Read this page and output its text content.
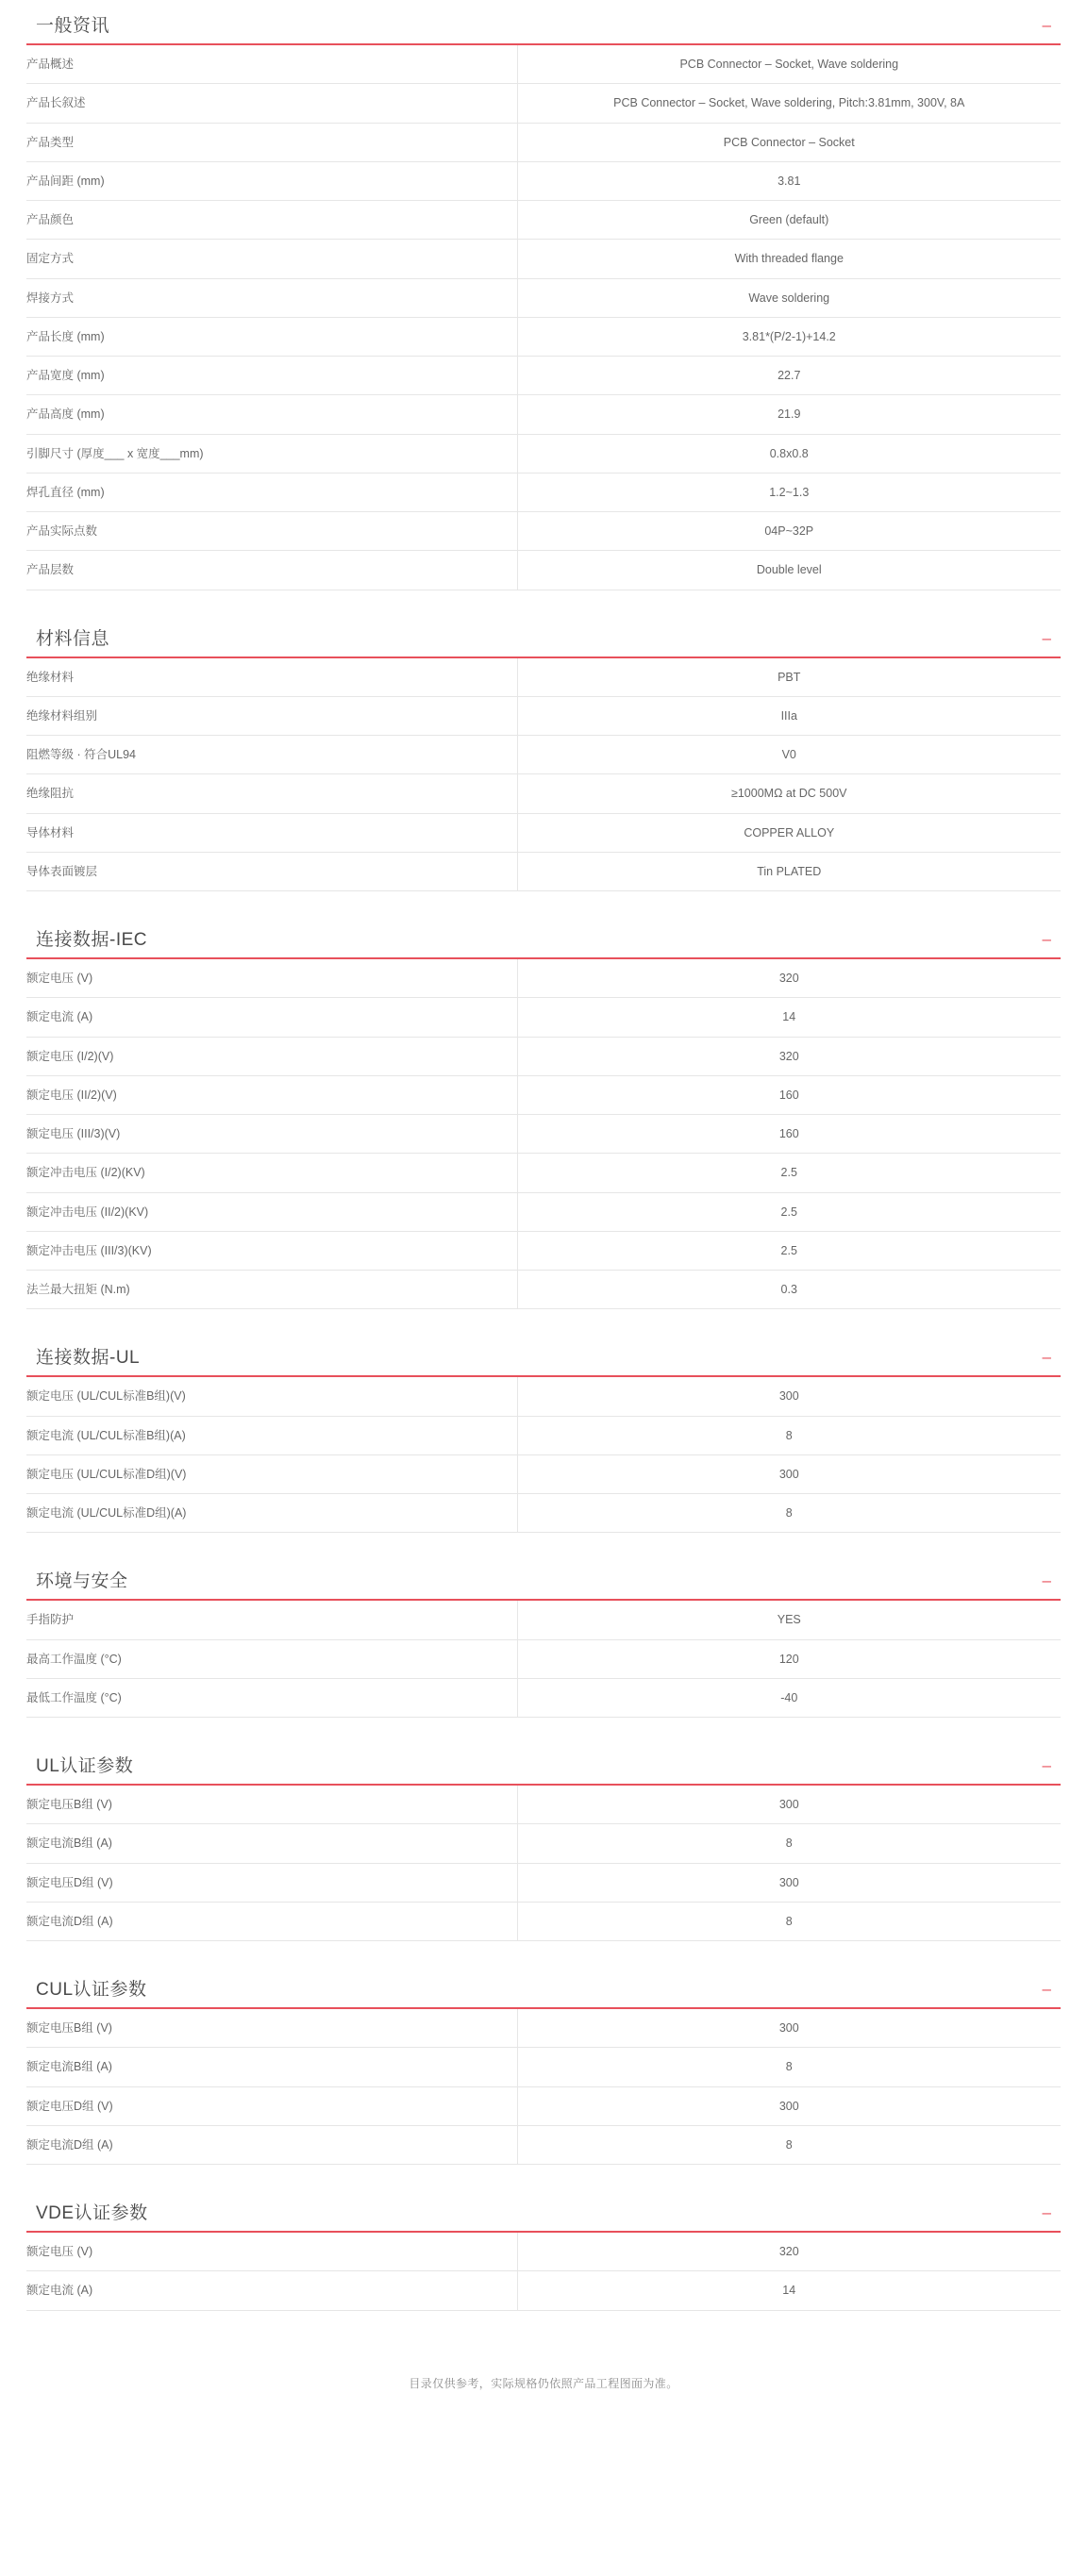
一般资讯	–
产品概述	PCB Connector – Socket, Wave soldering
产品长叙述	PCB Connector – Socket, Wave soldering, Pitch:3.81mm, 300V, 8A
产品类型	PCB Connector – Socket
产品间距 (mm)	3.81
产品颜色	Green (default)
固定方式	With threaded flange
焊接方式	Wave soldering
产品长度 (mm)	3.81*(P/2-1)+14.2
产品宽度 (mm)	22.7
产品高度 (mm)	21.9
引脚尺寸 (厚度___ x 宽度___mm)	0.8x0.8
焊孔直径 (mm)	1.2~1.3
产品实际点数	04P~32P
产品层数	Double level
材料信息	–
绝缘材料	PBT
绝缘材料组别	IIIa
阻燃等级 · 符合UL94	V0
绝缘阻抗	≥1000MΩ at DC 500V
导体材料	COPPER ALLOY
导体表面镀层	Tin PLATED
连接数据-IEC	–
额定电压 (V)	320
额定电流 (A)	14
额定电压 (I/2)(V)	320
额定电压 (II/2)(V)	160
额定电压 (III/3)(V)	160
额定冲击电压 (I/2)(KV)	2.5
额定冲击电压 (II/2)(KV)	2.5
额定冲击电压 (III/3)(KV)	2.5
法兰最大扭矩 (N.m)	0.3
连接数据-UL	–
额定电压 (UL/CUL标准B组)(V)	300
额定电流 (UL/CUL标准B组)(A)	8
额定电压 (UL/CUL标准D组)(V)	300
额定电流 (UL/CUL标准D组)(A)	8
环境与安全	–
手指防护	YES
最高工作温度 (°C)	120
最低工作温度 (°C)	-40
UL认证参数	–
额定电压B组 (V)	300
额定电流B组 (A)	8
额定电压D组 (V)	300
额定电流D组 (A)	8
CUL认证参数	–
额定电压B组 (V)	300
额定电流B组 (A)	8
额定电压D组 (V)	300
额定电流D组 (A)	8
VDE认证参数	–
额定电压 (V)	320
额定电流 (A)	14
目录仅供参考，实际规格仍依照产品工程图面为准。
